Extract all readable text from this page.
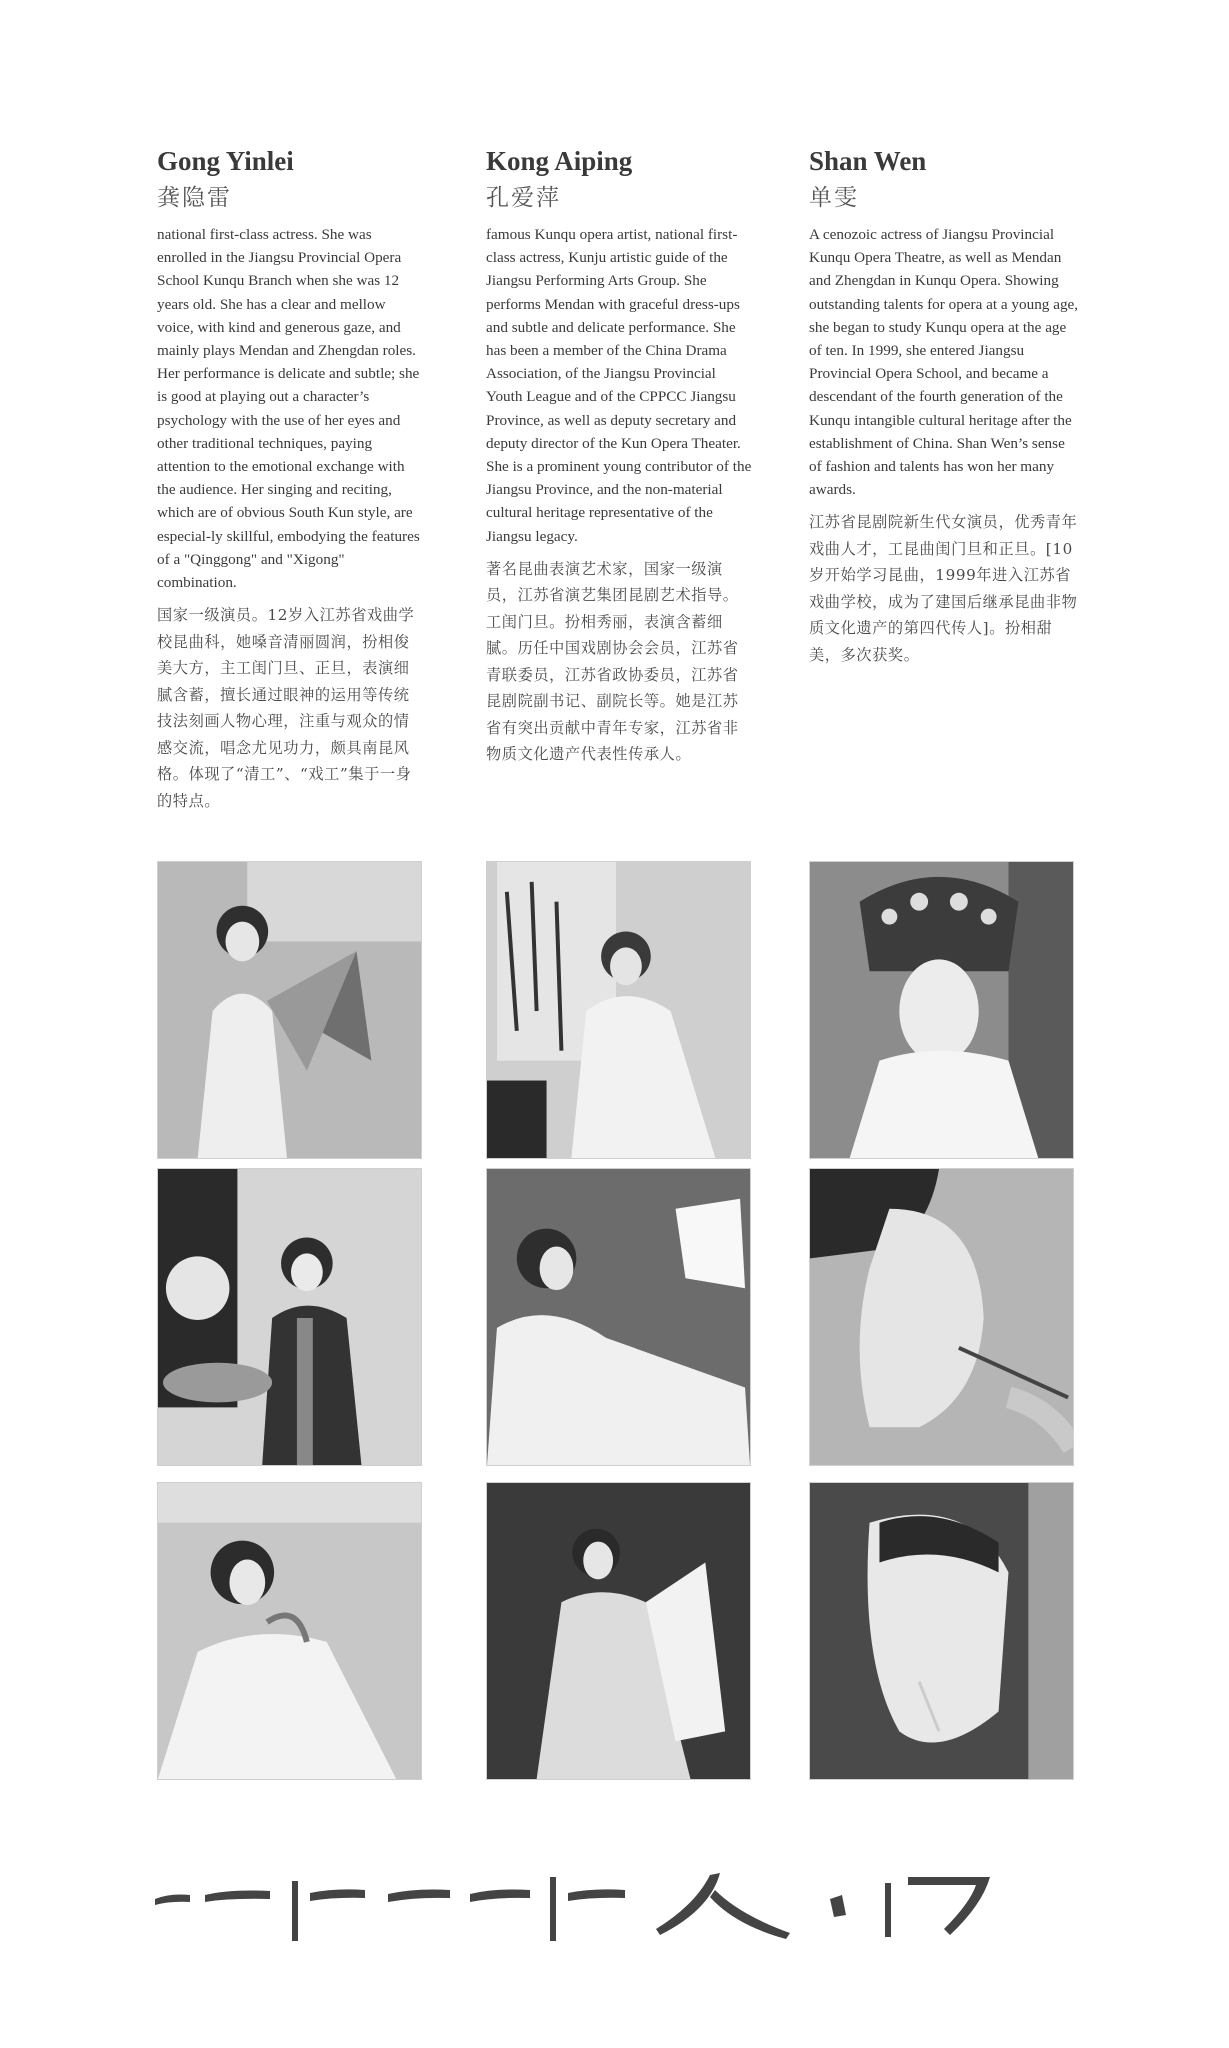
Gong Yinlei
龚隐雷

national first-class actress. She was enrolled in the Jiangsu Provincial Opera School Kunqu Branch when she was 12 years old. She has a clear and mellow voice, with kind and generous gaze, and mainly plays Mendan and Zhengdan roles. Her performance is delicate and subtle; she is good at playing out a character’s psychology with the use of her eyes and other traditional techniques, paying attention to the emotional exchange with the audience. Her singing and reciting, which are of obvious South Kun style, are especial-ly skillful, embodying the features of a "Qinggong" and "Xigong" combination.

国家一级演员。12岁入江苏省戏曲学校昆曲科，她嗓音清丽圆润，扮相俊美大方，主工闺门旦、正旦，表演细腻含蓄，擅长通过眼神的运用等传统技法刻画人物心理，注重与观众的情感交流，唱念尤见功力，颇具南昆风格。体现了“清工”、“戏工”集于一身的特点。

Kong Aiping
孔爱萍

famous Kunqu opera artist, national first-class actress, Kunju artistic guide of the Jiangsu Performing Arts Group. She performs Mendan with graceful dress-ups and subtle and delicate performance. She has been a member of the China Drama Association, of the Jiangsu Provincial Youth League and of the CPPCC Jiangsu Province, as well as deputy secretary and deputy director of the Kun Opera Theater. She is a prominent young contributor of the Jiangsu Province, and the non-material cultural heritage representative of the Jiangsu legacy.

著名昆曲表演艺术家，国家一级演员，江苏省演艺集团昆剧艺术指导。工闺门旦。扮相秀丽，表演含蓄细腻。历任中国戏剧协会会员，江苏省青联委员，江苏省政协委员，江苏省昆剧院副书记、副院长等。她是江苏省有突出贡献中青年专家，江苏省非物质文化遗产代表性传承人。

Shan Wen
单雯

A cenozoic actress of Jiangsu Provincial Kunqu Opera Theatre, as well as Mendan and Zhengdan in Kunqu Opera. Showing outstanding talents for opera at a young age, she began to study Kunqu opera at the age of ten. In 1999, she entered Jiangsu Provincial Opera School, and became a descendant of the fourth generation of the Kunqu intangible cultural heritage after the establishment of China. Shan Wen’s sense of fashion and talents has won her many awards.

江苏省昆剧院新生代女演员，优秀青年戏曲人才，工昆曲闺门旦和正旦。[10岁开始学习昆曲，1999年进入江苏省戏曲学校，成为了建国后继承昆曲非物质文化遗产的第四代传人]。扮相甜美，多次获奖。
